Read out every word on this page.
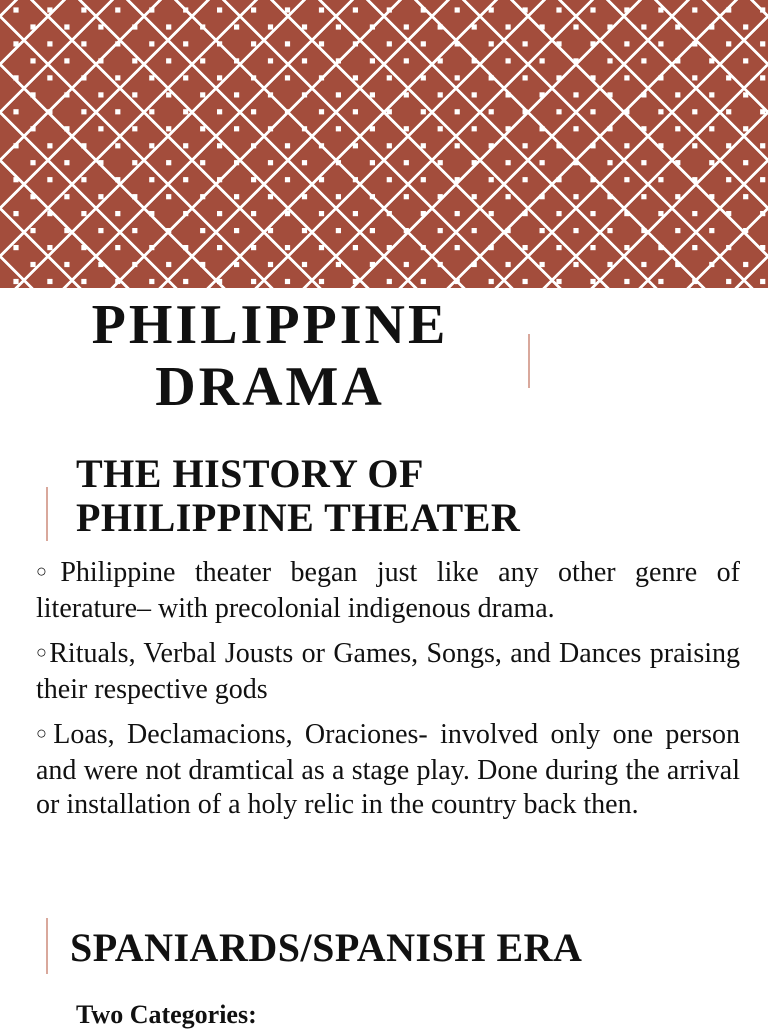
PHILIPPINE
DRAMA
THE HISTORY OF
PHILIPPINE THEATER
○Philippine theater began just like any other genre of literature– with precolonial indigenous drama.
○Rituals, Verbal Jousts or Games, Songs, and Dances praising their respective gods
○Loas, Declamacions, Oraciones- involved only one person and were not dramtical as a stage play. Done during the arrival or installation of a holy relic in the country back then.
SPANIARDS/SPANISH ERA

Two Categories:
